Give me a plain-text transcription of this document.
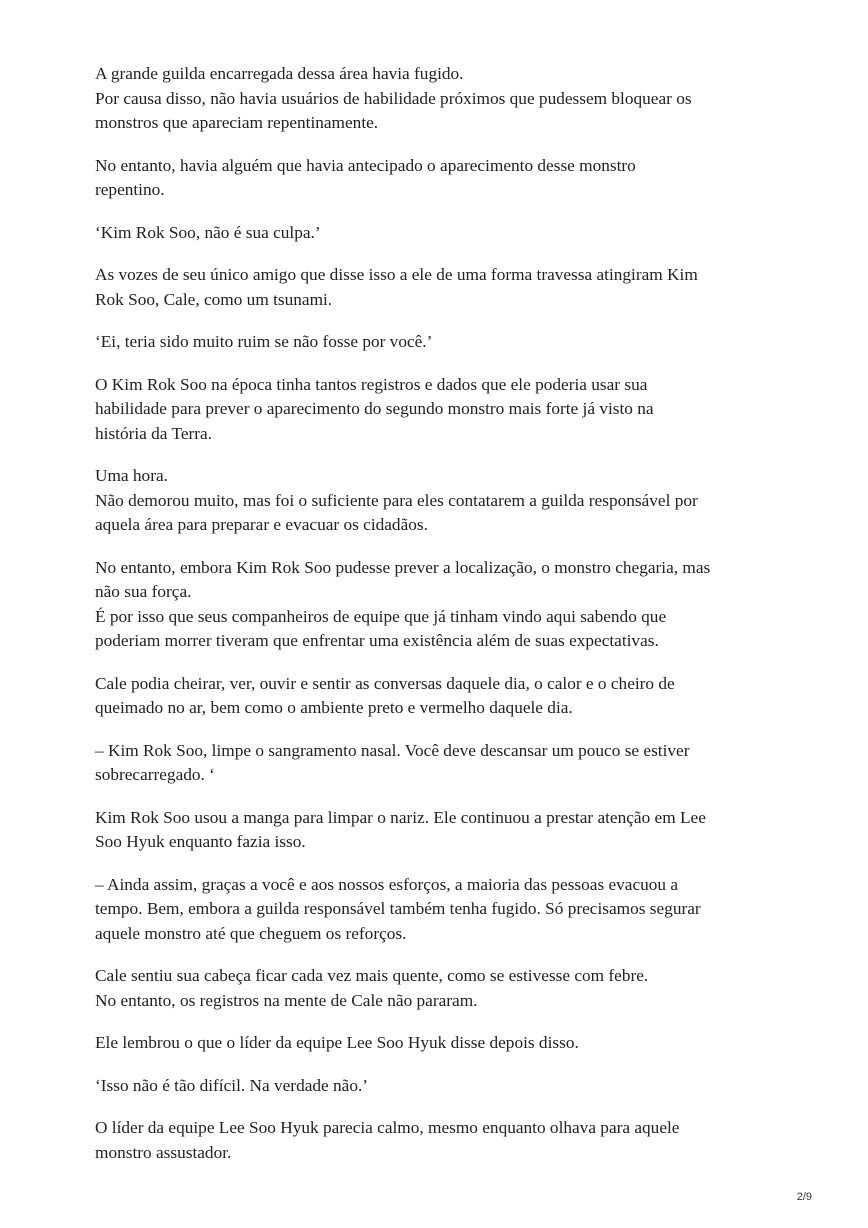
A grande guilda encarregada dessa área havia fugido.
Por causa disso, não havia usuários de habilidade próximos que pudessem bloquear os
monstros que apareciam repentinamente.

No entanto, havia alguém que havia antecipado o aparecimento desse monstro
repentino.

‘Kim Rok Soo, não é sua culpa.’

As vozes de seu único amigo que disse isso a ele de uma forma travessa atingiram Kim
Rok Soo, Cale, como um tsunami.

‘Ei, teria sido muito ruim se não fosse por você.’

O Kim Rok Soo na época tinha tantos registros e dados que ele poderia usar sua
habilidade para prever o aparecimento do segundo monstro mais forte já visto na
história da Terra.

Uma hora.
Não demorou muito, mas foi o suficiente para eles contatarem a guilda responsável por
aquela área para preparar e evacuar os cidadãos.

No entanto, embora Kim Rok Soo pudesse prever a localização, o monstro chegaria, mas
não sua força.
É por isso que seus companheiros de equipe que já tinham vindo aqui sabendo que
poderiam morrer tiveram que enfrentar uma existência além de suas expectativas.

Cale podia cheirar, ver, ouvir e sentir as conversas daquele dia, o calor e o cheiro de
queimado no ar, bem como o ambiente preto e vermelho daquele dia.

– Kim Rok Soo, limpe o sangramento nasal. Você deve descansar um pouco se estiver
sobrecarregado. ‘

Kim Rok Soo usou a manga para limpar o nariz. Ele continuou a prestar atenção em Lee
Soo Hyuk enquanto fazia isso.

– Ainda assim, graças a você e aos nossos esforços, a maioria das pessoas evacuou a
tempo. Bem, embora a guilda responsável também tenha fugido. Só precisamos segurar
aquele monstro até que cheguem os reforços.

Cale sentiu sua cabeça ficar cada vez mais quente, como se estivesse com febre.
No entanto, os registros na mente de Cale não pararam.

Ele lembrou o que o líder da equipe Lee Soo Hyuk disse depois disso.

‘Isso não é tão difícil. Na verdade não.’

O líder da equipe Lee Soo Hyuk parecia calmo, mesmo enquanto olhava para aquele
monstro assustador.

2/9
